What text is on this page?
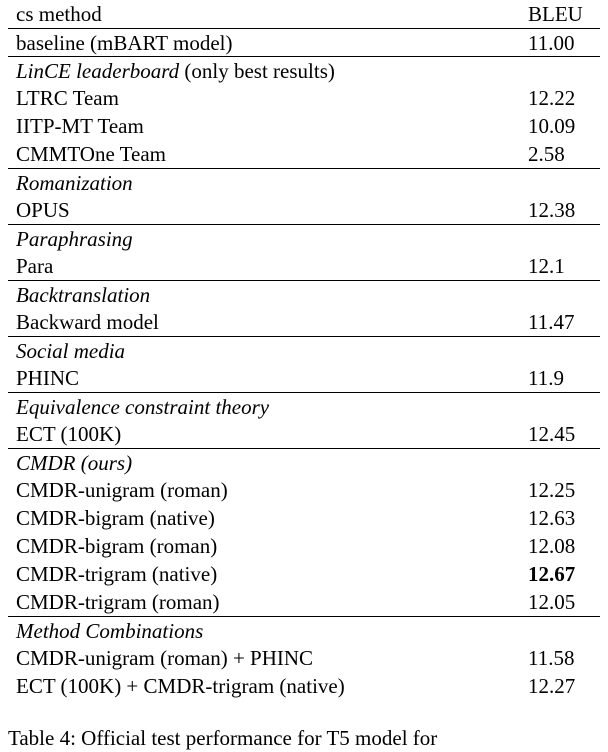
cs method	BLEU
baseline (mBART model)	11.00
LinCE leaderboard (only best results)
LTRC Team	12.22
IITP-MT Team	10.09
CMMTOne Team	2.58
Romanization
OPUS	12.38
Paraphrasing
Para	12.1
Backtranslation
Backward model	11.47
Social media
PHINC	11.9
Equivalence constraint theory
ECT (100K)	12.45
CMDR (ours)
CMDR-unigram (roman)	12.25
CMDR-bigram (native)	12.63
CMDR-bigram (roman)	12.08
CMDR-trigram (native)	12.67
CMDR-trigram (roman)	12.05
Method Combinations
CMDR-unigram (roman) + PHINC	11.58
ECT (100K) + CMDR-trigram (native)	12.27
Table 4: Official test performance for T5 model for
